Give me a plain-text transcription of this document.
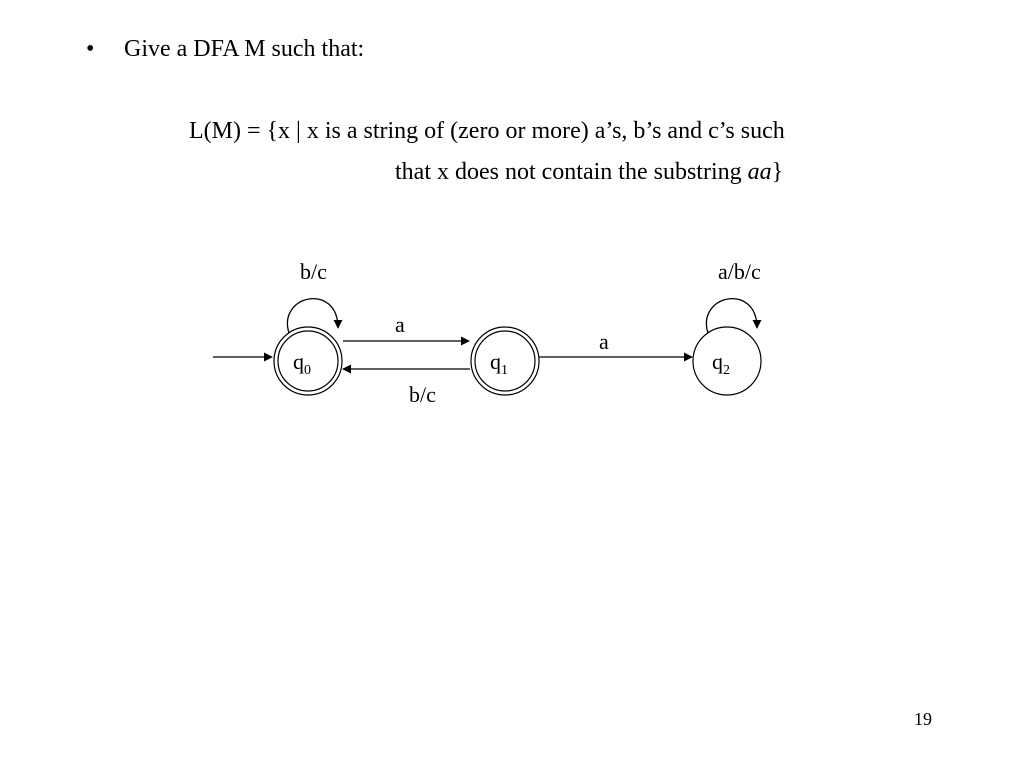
• Give a DFA M such that:
L(M) = {x | x is a string of (zero or more) a’s, b’s and c’s such
that x does not contain the substring aa}
$q_0$	$q_1$	$q_2$
b/c
a
b/c
a
a/b/c
19
